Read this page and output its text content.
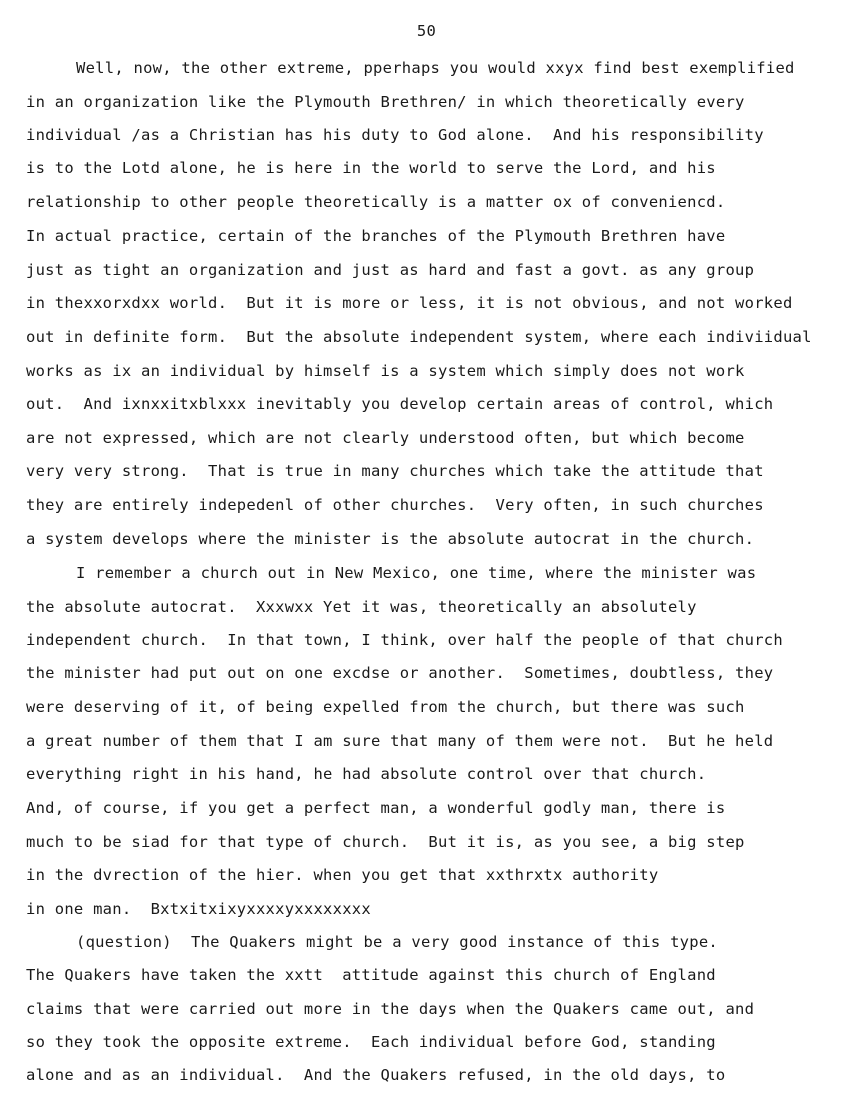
50
Well, now, the other extreme, pperhaps you would xxyx find best exemplified
in an organization like the Plymouth Brethren/ in which theoretically every
individual /as a Christian has his duty to God alone.  And his responsibility
is to the Lotd alone, he is here in the world to serve the Lord, and his
relationship to other people theoretically is a matter ox of conveniencd.
In actual practice, certain of the branches of the Plymouth Brethren have
just as tight an organization and just as hard and fast a govt. as any group
in thexxorxdxx world.  But it is more or less, it is not obvious, and not worked
out in definite form.  But the absolute independent system, where each indiviidual
works as ix an individual by himself is a system which simply does not work
out.  And ixnxxitxblxxx inevitably you develop certain areas of control, which
are not expressed, which are not clearly understood often, but which become
very very strong.  That is true in many churches which take the attitude that
they are entirely indepedenl of other churches.  Very often, in such churches
a system develops where the minister is the absolute autocrat in the church.
I remember a church out in New Mexico, one time, where the minister was
the absolute autocrat.  Xxxwxx Yet it was, theoretically an absolutely
independent church.  In that town, I think, over half the people of that church
the minister had put out on one excdse or another.  Sometimes, doubtless, they
were deserving of it, of being expelled from the church, but there was such
a great number of them that I am sure that many of them were not.  But he held
everything right in his hand, he had absolute control over that church.
And, of course, if you get a perfect man, a wonderful godly man, there is
much to be siad for that type of church.  But it is, as you see, a big step
in the dvrection of the hier. when you get that xxthrxtx authority
in one man.  Bxtxitxixyxxxxyxxxxxxxx
(question)  The Quakers might be a very good instance of this type.
The Quakers have taken the xxtt  attitude against this church of England
claims that were carried out more in the days when the Quakers came out, and
so they took the opposite extreme.  Each individual before God, standing
alone and as an individual.  And the Quakers refused, in the old days, to
